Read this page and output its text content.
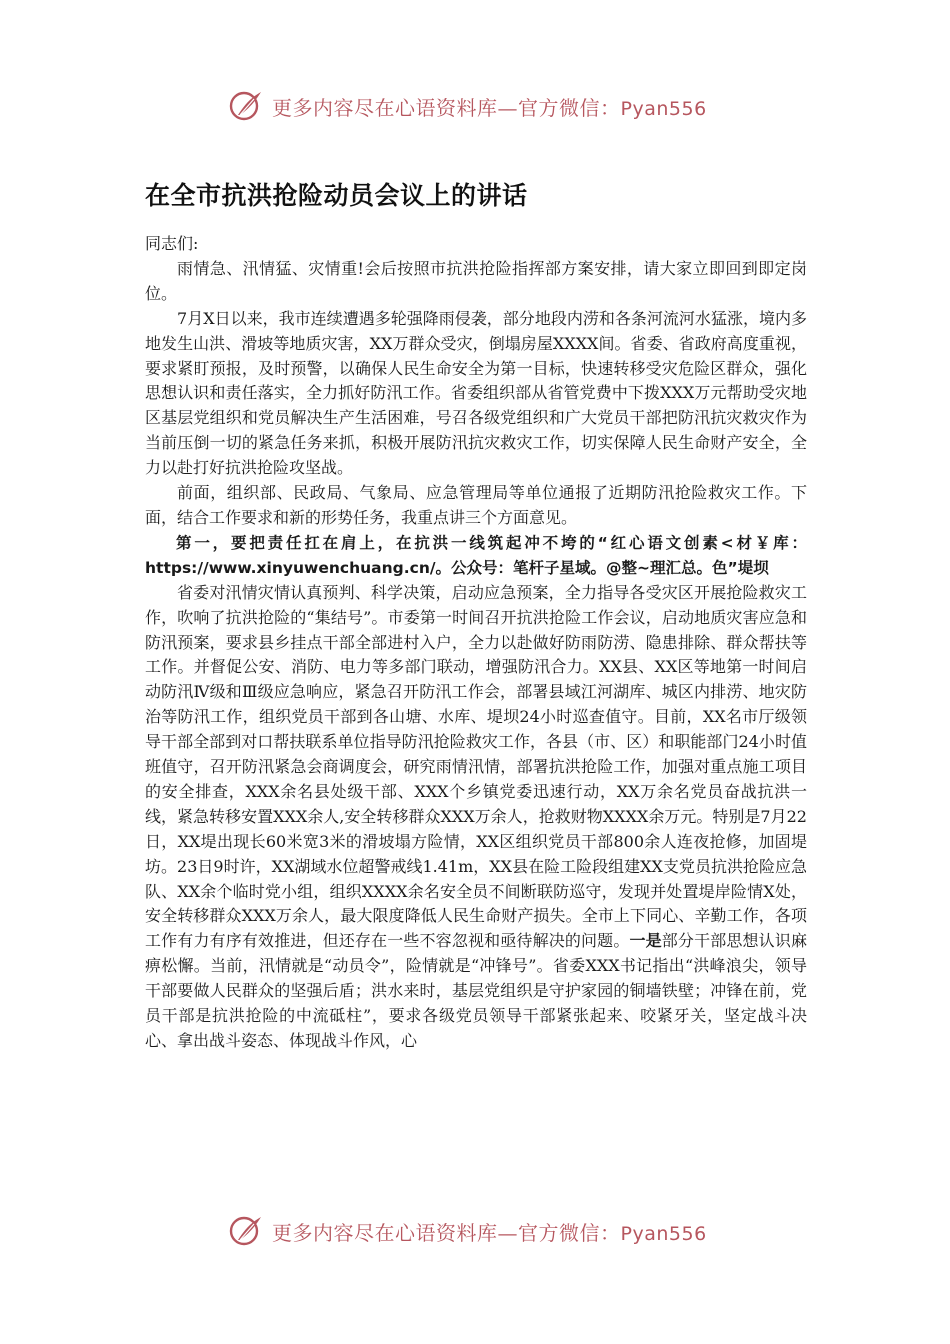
更多内容尽在心语资料库—官方微信：Pyan556
在全市抗洪抢险动员会议上的讲话

同志们:

雨情急、汛情猛、灾情重!会后按照市抗洪抢险指挥部方案安排，请大家立即回到即定岗位。

7月X日以来，我市连续遭遇多轮强降雨侵袭，部分地段内涝和各条河流河水猛涨，境内多地发生山洪、滑坡等地质灾害，XX万群众受灾，倒塌房屋XXXX间。省委、省政府高度重视，要求紧盯预报，及时预警，以确保人民生命安全为第一目标，快速转移受灾危险区群众，强化思想认识和责任落实，全力抓好防汛工作。省委组织部从省管党费中下拨XXX万元帮助受灾地区基层党组织和党员解决生产生活困难，号召各级党组织和广大党员干部把防汛抗灾救灾作为当前压倒一切的紧急任务来抓，积极开展防汛抗灾救灾工作，切实保障人民生命财产安全，全力以赴打好抗洪抢险攻坚战。

前面，组织部、民政局、气象局、应急管理局等单位通报了近期防汛抢险救灾工作。下面，结合工作要求和新的形势任务，我重点讲三个方面意见。

第一，要把责任扛在肩上，在抗洪一线筑起冲不垮的“红心语文创素<材￥库：https://www.xinyuwenchuang.cn/。公众号：笔杆子星域。@整~理汇总。色”堤坝

省委对汛情灾情认真预判、科学决策，启动应急预案，全力指导各受灾区开展抢险救灾工作，吹响了抗洪抢险的“集结号”。市委第一时间召开抗洪抢险工作会议，启动地质灾害应急和防汛预案，要求县乡挂点干部全部进村入户，全力以赴做好防雨防涝、隐患排除、群众帮扶等工作。并督促公安、消防、电力等多部门联动，增强防汛合力。XX县、XX区等地第一时间启动防汛Ⅳ级和Ⅲ级应急响应，紧急召开防汛工作会，部署县域江河湖库、城区内排涝、地灾防治等防汛工作，组织党员干部到各山塘、水库、堤坝24小时巡查值守。目前，XX名市厅级领导干部全部到对口帮扶联系单位指导防汛抢险救灾工作，各县（市、区）和职能部门24小时值班值守，召开防汛紧急会商调度会，研究雨情汛情，部署抗洪抢险工作，加强对重点施工项目的安全排查，XXX余名县处级干部、XXX个乡镇党委迅速行动，XX万余名党员奋战抗洪一线，紧急转移安置XXX余人,安全转移群众XXX万余人，抢救财物XXXX余万元。特别是7月22日，XX堤出现长60米宽3米的滑坡塌方险情，XX区组织党员干部800余人连夜抢修，加固堤坊。23日9时许，XX湖域水位超警戒线1.41m，XX县在险工险段组建XX支党员抗洪抢险应急队、XX余个临时党小组，组织XXXX余名安全员不间断联防巡守，发现并处置堤岸险情X处，安全转移群众XXX万余人，最大限度降低人民生命财产损失。全市上下同心、辛勤工作，各项工作有力有序有效推进，但还存在一些不容忽视和亟待解决的问题。一是部分干部思想认识麻痹松懈。当前，汛情就是“动员令”，险情就是“冲锋号”。省委XXX书记指出“洪峰浪尖，领导干部要做人民群众的坚强后盾；洪水来时，基层党组织是守护家园的铜墙铁壁；冲锋在前，党员干部是抗洪抢险的中流砥柱”，要求各级党员领导干部紧张起来、咬紧牙关，坚定战斗决心、拿出战斗姿态、体现战斗作风，心

更多内容尽在心语资料库—官方微信：Pyan556
